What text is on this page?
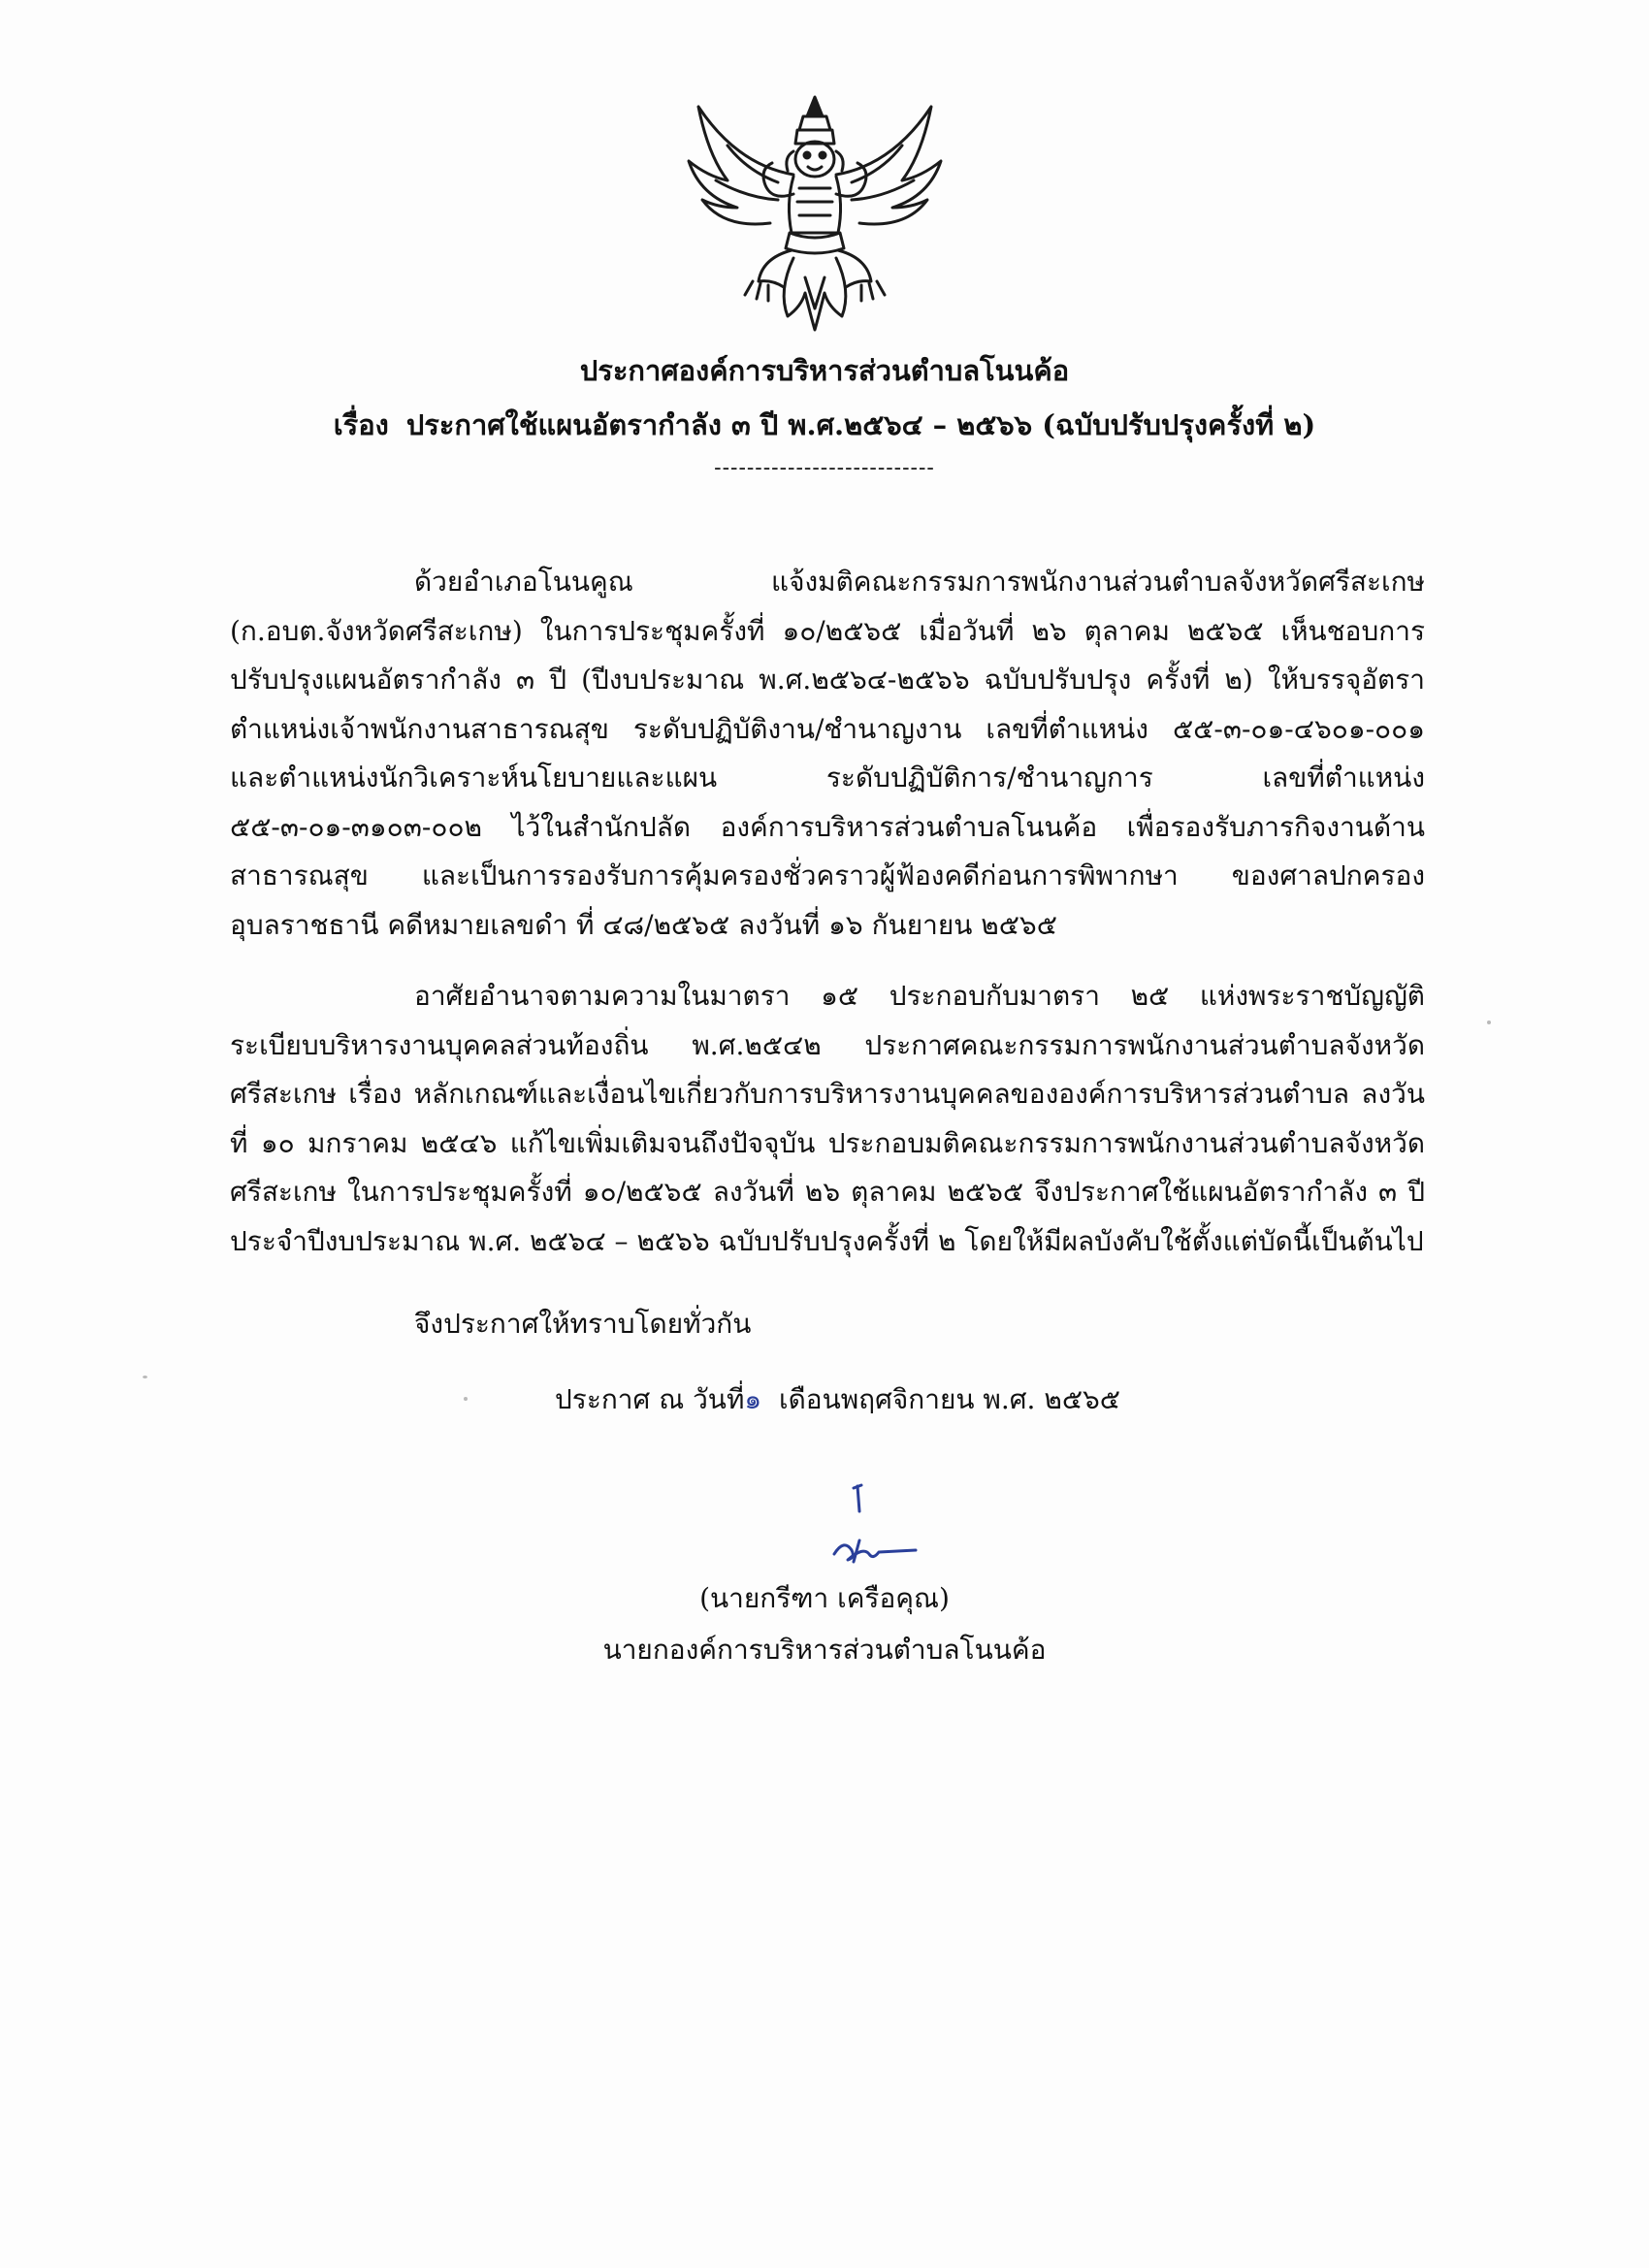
ประกาศองค์การบริหารส่วนตำบลโนนค้อ
เรื่อง ประกาศใช้แผนอัตรากำลัง ๓ ปี พ.ศ.๒๕๖๔ – ๒๕๖๖ (ฉบับปรับปรุงครั้งที่ ๒)
---------------------------

ด้วยอำเภอโนนคูณ แจ้งมติคณะกรรมการพนักงานส่วนตำบลจังหวัดศรีสะเกษ (ก.อบต.จังหวัดศรีสะเกษ) ในการประชุมครั้งที่ ๑๐/๒๕๖๕ เมื่อวันที่ ๒๖ ตุลาคม ๒๕๖๕ เห็นชอบการปรับปรุงแผนอัตรากำลัง ๓ ปี (ปีงบประมาณ พ.ศ.๒๕๖๔-๒๕๖๖ ฉบับปรับปรุง ครั้งที่ ๒) ให้บรรจุอัตราตำแหน่งเจ้าพนักงานสาธารณสุข ระดับปฏิบัติงาน/ชำนาญงาน เลขที่ตำแหน่ง ๕๕-๓-๐๑-๔๖๐๑-๐๐๑ และตำแหน่งนักวิเคราะห์นโยบายและแผน ระดับปฏิบัติการ/ชำนาญการ เลขที่ตำแหน่ง ๕๕-๓-๐๑-๓๑๐๓-๐๐๒ ไว้ในสำนักปลัด องค์การบริหารส่วนตำบลโนนค้อ เพื่อรองรับภารกิจงานด้านสาธารณสุข และเป็นการรองรับการคุ้มครองชั่วคราวผู้ฟ้องคดีก่อนการพิพากษา ของศาลปกครองอุบลราชธานี คดีหมายเลขดำ ที่ ๔๘/๒๕๖๕ ลงวันที่ ๑๖ กันยายน ๒๕๖๕

อาศัยอำนาจตามความในมาตรา ๑๕ ประกอบกับมาตรา ๒๕ แห่งพระราชบัญญัติระเบียบบริหารงานบุคคลส่วนท้องถิ่น พ.ศ.๒๕๔๒ ประกาศคณะกรรมการพนักงานส่วนตำบลจังหวัดศรีสะเกษ เรื่อง หลักเกณฑ์และเงื่อนไขเกี่ยวกับการบริหารงานบุคคลขององค์การบริหารส่วนตำบล ลงวันที่ ๑๐ มกราคม ๒๕๔๖ แก้ไขเพิ่มเติมจนถึงปัจจุบัน ประกอบมติคณะกรรมการพนักงานส่วนตำบลจังหวัดศรีสะเกษ ในการประชุมครั้งที่ ๑๐/๒๕๖๕ ลงวันที่ ๒๖ ตุลาคม ๒๕๖๕ จึงประกาศใช้แผนอัตรากำลัง ๓ ปี ประจำปีงบประมาณ พ.ศ. ๒๕๖๔ – ๒๕๖๖ ฉบับปรับปรุงครั้งที่ ๒ โดยให้มีผลบังคับใช้ตั้งแต่บัดนี้เป็นต้นไป

จึงประกาศให้ทราบโดยทั่วกัน
ประกาศ ณ วันที่๑ เดือนพฤศจิกายน พ.ศ. ๒๕๖๕
(นายกรีฑา เครือคุณ)
นายกองค์การบริหารส่วนตำบลโนนค้อ
